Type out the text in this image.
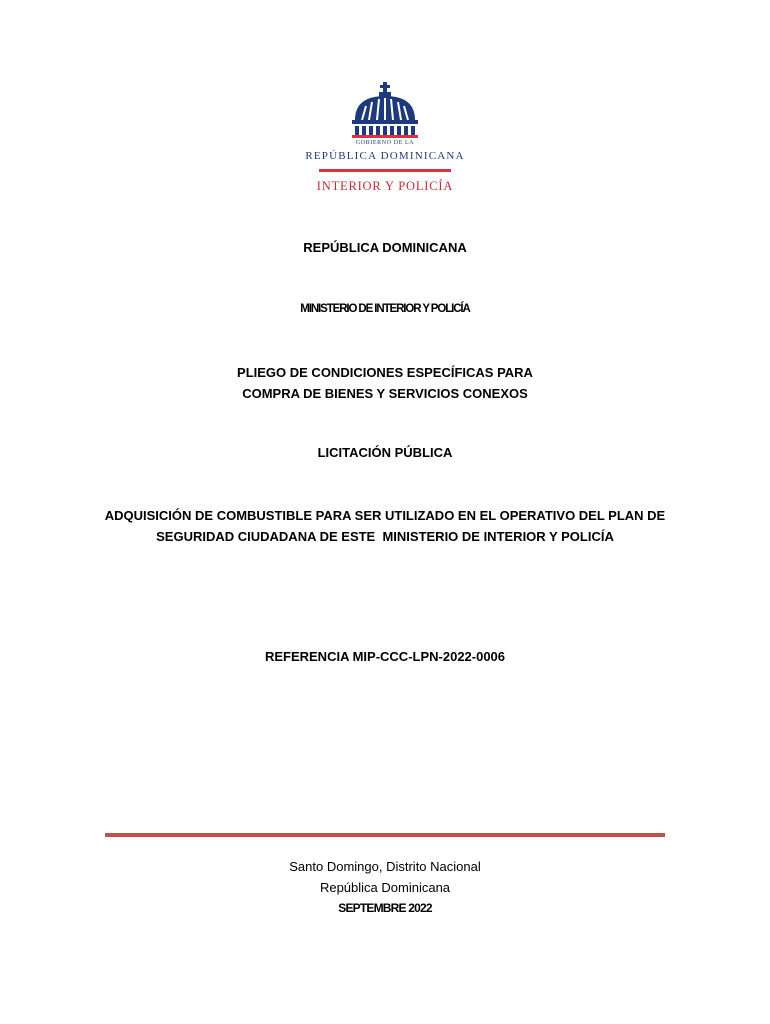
GOBIERNO DE LA
REPÚBLICA DOMINICANA
INTERIOR Y POLICÍA
REPÚBLICA DOMINICANA
MINISTERIO DE INTERIOR Y POLICÍA
PLIEGO DE CONDICIONES ESPECÍFICAS PARA
COMPRA DE BIENES Y SERVICIOS CONEXOS
LICITACIÓN PÚBLICA
ADQUISICIÓN DE COMBUSTIBLE PARA SER UTILIZADO EN EL OPERATIVO DEL PLAN DE
SEGURIDAD CIUDADANA DE ESTE  MINISTERIO DE INTERIOR Y POLICÍA
REFERENCIA MIP-CCC-LPN-2022-0006
Santo Domingo, Distrito Nacional
República Dominicana
SEPTEMBRE 2022
